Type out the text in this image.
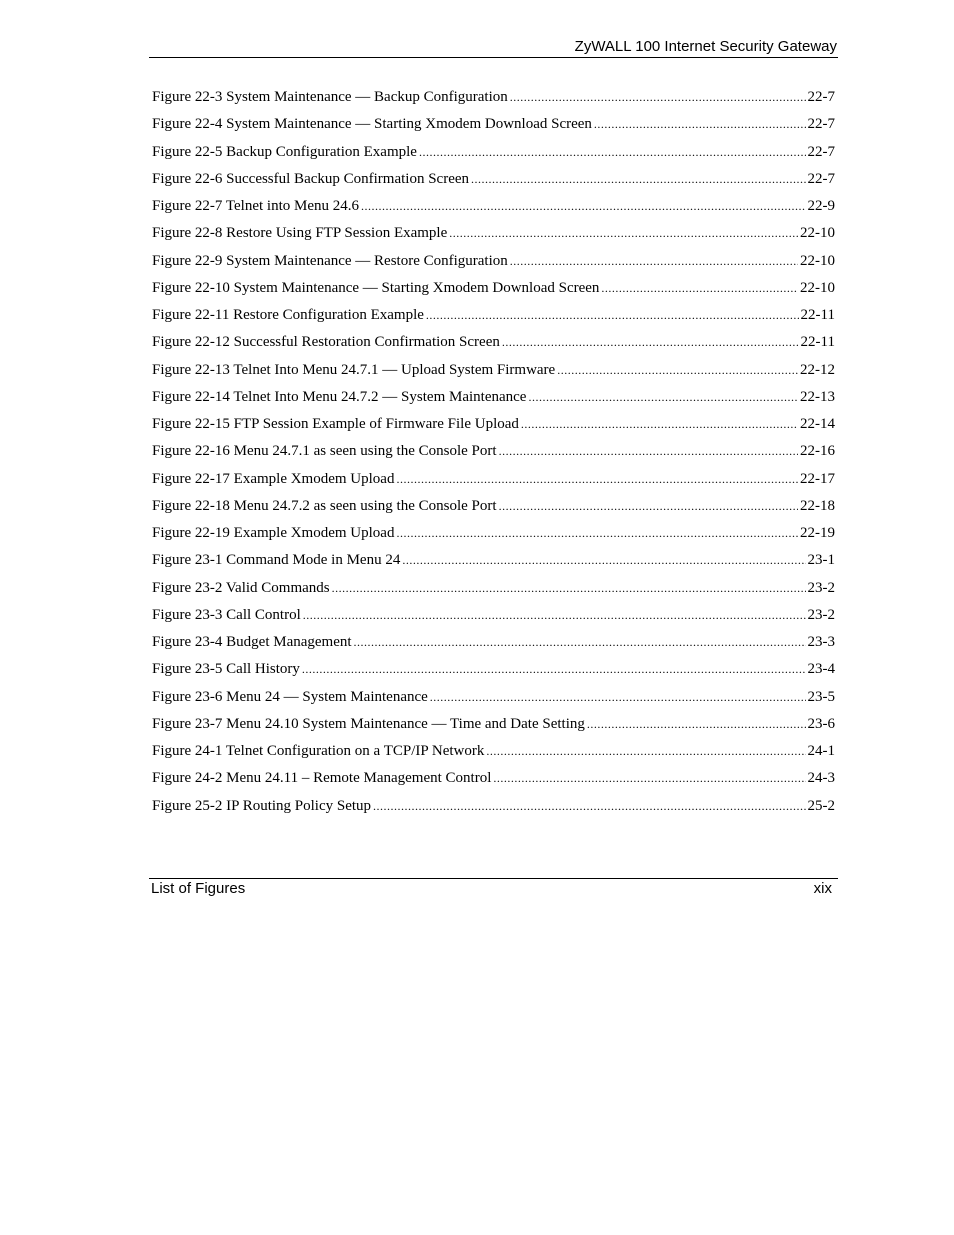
ZyWALL 100 Internet Security Gateway
Figure 22-3 System Maintenance — Backup Configuration .....	22-7
Figure 22-4 System Maintenance — Starting Xmodem Download Screen .....	22-7
Figure 22-5 Backup Configuration Example .....	22-7
Figure 22-6 Successful Backup Confirmation Screen .....	22-7
Figure 22-7 Telnet into Menu 24.6 .....	22-9
Figure 22-8 Restore Using FTP Session Example .....	22-10
Figure 22-9 System Maintenance — Restore Configuration .....	22-10
Figure 22-10 System Maintenance — Starting Xmodem Download Screen .....	22-10
Figure 22-11 Restore Configuration Example .....	22-11
Figure 22-12 Successful Restoration Confirmation Screen .....	22-11
Figure 22-13 Telnet Into Menu 24.7.1 — Upload System Firmware .....	22-12
Figure 22-14 Telnet Into Menu 24.7.2 — System Maintenance .....	22-13
Figure 22-15 FTP Session Example of Firmware File Upload .....	22-14
Figure 22-16 Menu 24.7.1 as seen using the Console Port .....	22-16
Figure 22-17 Example Xmodem Upload .....	22-17
Figure 22-18 Menu 24.7.2 as seen using the Console Port .....	22-18
Figure 22-19 Example Xmodem Upload .....	22-19
Figure 23-1 Command Mode in Menu 24 .....	23-1
Figure 23-2 Valid Commands .....	23-2
Figure 23-3 Call Control .....	23-2
Figure 23-4 Budget Management .....	23-3
Figure 23-5 Call History .....	23-4
Figure 23-6 Menu 24 — System Maintenance .....	23-5
Figure 23-7 Menu 24.10 System Maintenance — Time and Date Setting .....	23-6
Figure 24-1 Telnet Configuration on a TCP/IP Network .....	24-1
Figure 24-2 Menu 24.11 – Remote Management Control .....	24-3
Figure 25-2 IP Routing Policy Setup .....	25-2
List of Figures	xix
